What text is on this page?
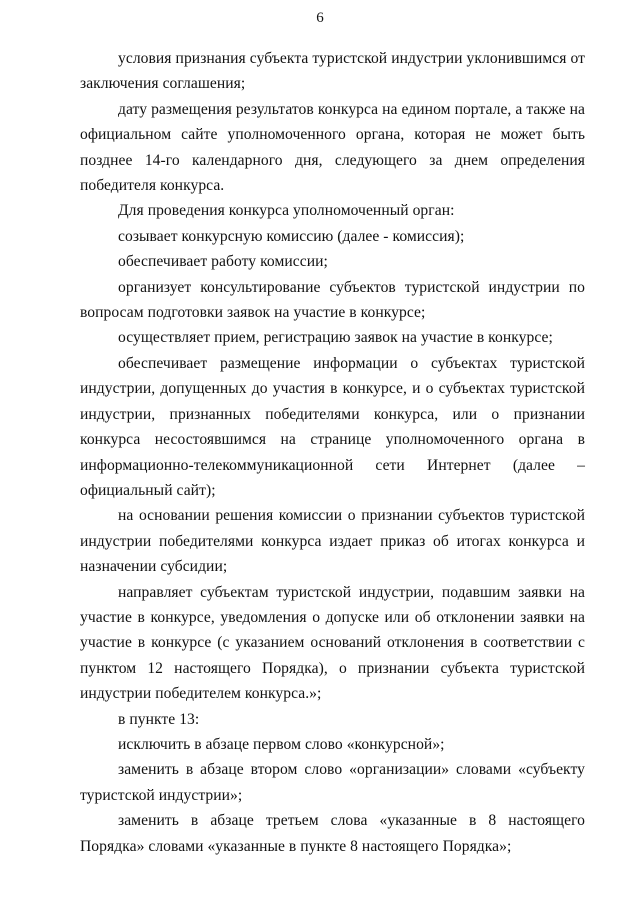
6

условия признания субъекта туристской индустрии уклонившимся от заключения соглашения;

дату размещения результатов конкурса на едином портале, а также на официальном сайте уполномоченного органа, которая не может быть позднее 14-го календарного дня, следующего за днем определения победителя конкурса.

Для проведения конкурса уполномоченный орган:

созывает конкурсную комиссию (далее - комиссия);

обеспечивает работу комиссии;

организует консультирование субъектов туристской индустрии по вопросам подготовки заявок на участие в конкурсе;

осуществляет прием, регистрацию заявок на участие в конкурсе;

обеспечивает размещение информации о субъектах туристской индустрии, допущенных до участия в конкурсе, и о субъектах туристской индустрии, признанных победителями конкурса, или о признании конкурса несостоявшимся на странице уполномоченного органа в информационно-телекоммуникационной сети Интернет (далее – официальный сайт);

на основании решения комиссии о признании субъектов туристской индустрии победителями конкурса издает приказ об итогах конкурса и назначении субсидии;

направляет субъектам туристской индустрии, подавшим заявки на участие в конкурсе, уведомления о допуске или об отклонении заявки на участие в конкурсе (с указанием оснований отклонения в соответствии с пунктом 12 настоящего Порядка), о признании субъекта туристской индустрии победителем конкурса.»;

в пункте 13:

исключить в абзаце первом слово «конкурсной»;

заменить в абзаце втором слово «организации» словами «субъекту туристской индустрии»;

заменить в абзаце третьем слова «указанные в 8 настоящего Порядка» словами «указанные в пункте 8 настоящего Порядка»;
